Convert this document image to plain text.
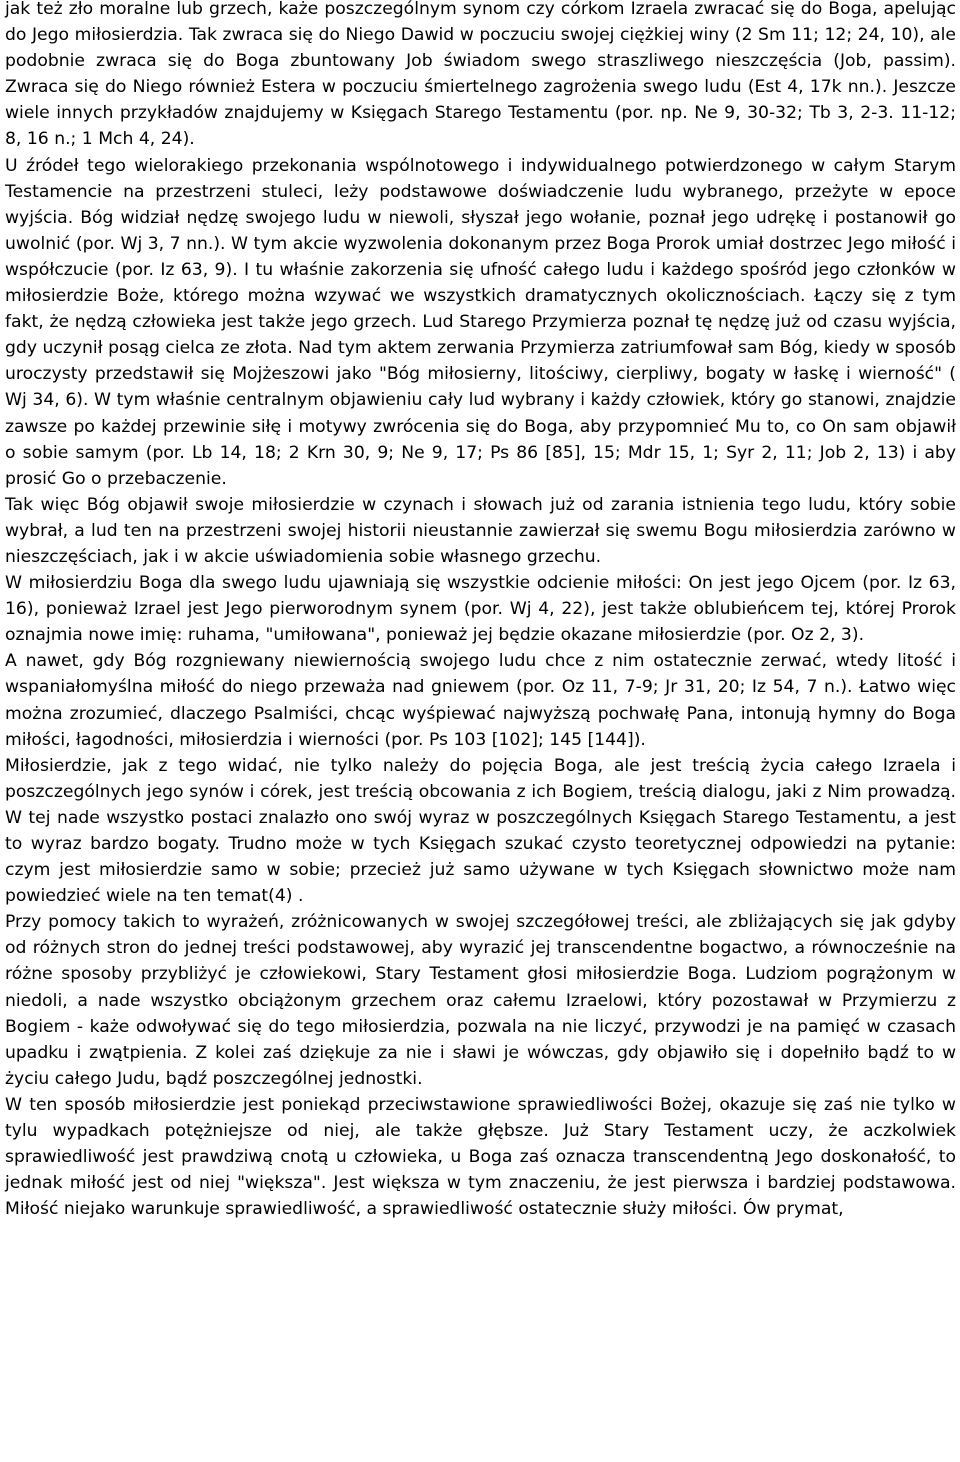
jak też zło moralne lub grzech, każe poszczególnym synom czy córkom Izraela zwracać się do Boga, apelując do Jego miłosierdzia. Tak zwraca się do Niego Dawid w poczuciu swojej ciężkiej winy (2 Sm 11; 12; 24, 10), ale podobnie zwraca się do Boga zbuntowany Job świadom swego straszliwego nieszczęścia (Job, passim). Zwraca się do Niego również Estera w poczuciu śmiertelnego zagrożenia swego ludu (Est 4, 17k nn.). Jeszcze wiele innych przykładów znajdujemy w Księgach Starego Testamentu (por. np. Ne 9, 30-32; Tb 3, 2-3. 11-12; 8, 16 n.; 1 Mch 4, 24).

U źródeł tego wielorakiego przekonania wspólnotowego i indywidualnego potwierdzonego w całym Starym Testamencie na przestrzeni stuleci, leży podstawowe doświadczenie ludu wybranego, przeżyte w epoce wyjścia. Bóg widział nędzę swojego ludu w niewoli, słyszał jego wołanie, poznał jego udrękę i postanowił go uwolnić (por. Wj 3, 7 nn.). W tym akcie wyzwolenia dokonanym przez Boga Prorok umiał dostrzec Jego miłość i współczucie (por. Iz 63, 9). I tu właśnie zakorzenia się ufność całego ludu i każdego spośród jego członków w miłosierdzie Boże, którego można wzywać we wszystkich dramatycznych okolicznościach. Łączy się z tym fakt, że nędzą człowieka jest także jego grzech. Lud Starego Przymierza poznał tę nędzę już od czasu wyjścia, gdy uczynił posąg cielca ze złota. Nad tym aktem zerwania Przymierza zatriumfował sam Bóg, kiedy w sposób uroczysty przedstawił się Mojżeszowi jako "Bóg miłosierny, litościwy, cierpliwy, bogaty w łaskę i wierność" ( Wj 34, 6). W tym właśnie centralnym objawieniu cały lud wybrany i każdy człowiek, który go stanowi, znajdzie zawsze po każdej przewinie siłę i motywy zwrócenia się do Boga, aby przypomnieć Mu to, co On sam objawił o sobie samym (por. Lb 14, 18; 2 Krn 30, 9; Ne 9, 17; Ps 86 [85], 15; Mdr 15, 1; Syr 2, 11; Job 2, 13) i aby prosić Go o przebaczenie.

Tak więc Bóg objawił swoje miłosierdzie w czynach i słowach już od zarania istnienia tego ludu, który sobie wybrał, a lud ten na przestrzeni swojej historii nieustannie zawierzał się swemu Bogu miłosierdzia zarówno w nieszczęściach, jak i w akcie uświadomienia sobie własnego grzechu.

W miłosierdziu Boga dla swego ludu ujawniają się wszystkie odcienie miłości: On jest jego Ojcem (por. Iz 63, 16), ponieważ Izrael jest Jego pierworodnym synem (por. Wj 4, 22), jest także oblubieńcem tej, której Prorok oznajmia nowe imię: ruhama, "umiłowana", ponieważ jej będzie okazane miłosierdzie (por. Oz 2, 3).

A nawet, gdy Bóg rozgniewany niewiernością swojego ludu chce z nim ostatecznie zerwać, wtedy litość i wspaniałomyślna miłość do niego przeważa nad gniewem (por. Oz 11, 7-9; Jr 31, 20; Iz 54, 7 n.). Łatwo więc można zrozumieć, dlaczego Psalmiści, chcąc wyśpiewać najwyższą pochwałę Pana, intonują hymny do Boga miłości, łagodności, miłosierdzia i wierności (por. Ps 103 [102]; 145 [144]).

Miłosierdzie, jak z tego widać, nie tylko należy do pojęcia Boga, ale jest treścią życia całego Izraela i poszczególnych jego synów i córek, jest treścią obcowania z ich Bogiem, treścią dialogu, jaki z Nim prowadzą. W tej nade wszystko postaci znalazło ono swój wyraz w poszczególnych Księgach Starego Testamentu, a jest to wyraz bardzo bogaty. Trudno może w tych Księgach szukać czysto teoretycznej odpowiedzi na pytanie: czym jest miłosierdzie samo w sobie; przecież już samo używane w tych Księgach słownictwo może nam powiedzieć wiele na ten temat(4) .

Przy pomocy takich to wyrażeń, zróżnicowanych w swojej szczegółowej treści, ale zbliżających się jak gdyby od różnych stron do jednej treści podstawowej, aby wyrazić jej transcendentne bogactwo, a równocześnie na różne sposoby przybliżyć je człowiekowi, Stary Testament głosi miłosierdzie Boga. Ludziom pogrążonym w niedoli, a nade wszystko obciążonym grzechem oraz całemu Izraelowi, który pozostawał w Przymierzu z Bogiem - każe odwoływać się do tego miłosierdzia, pozwala na nie liczyć, przywodzi je na pamięć w czasach upadku i zwątpienia. Z kolei zaś dziękuje za nie i sławi je wówczas, gdy objawiło się i dopełniło bądź to w życiu całego Judu, bądź poszczególnej jednostki.

W ten sposób miłosierdzie jest poniekąd przeciwstawione sprawiedliwości Bożej, okazuje się zaś nie tylko w tylu wypadkach potężniejsze od niej, ale także głębsze. Już Stary Testament uczy, że aczkolwiek sprawiedliwość jest prawdziwą cnotą u człowieka, u Boga zaś oznacza transcendentną Jego doskonałość, to jednak miłość jest od niej "większa". Jest większa w tym znaczeniu, że jest pierwsza i bardziej podstawowa. Miłość niejako warunkuje sprawiedliwość, a sprawiedliwość ostatecznie służy miłości. Ów prymat,
